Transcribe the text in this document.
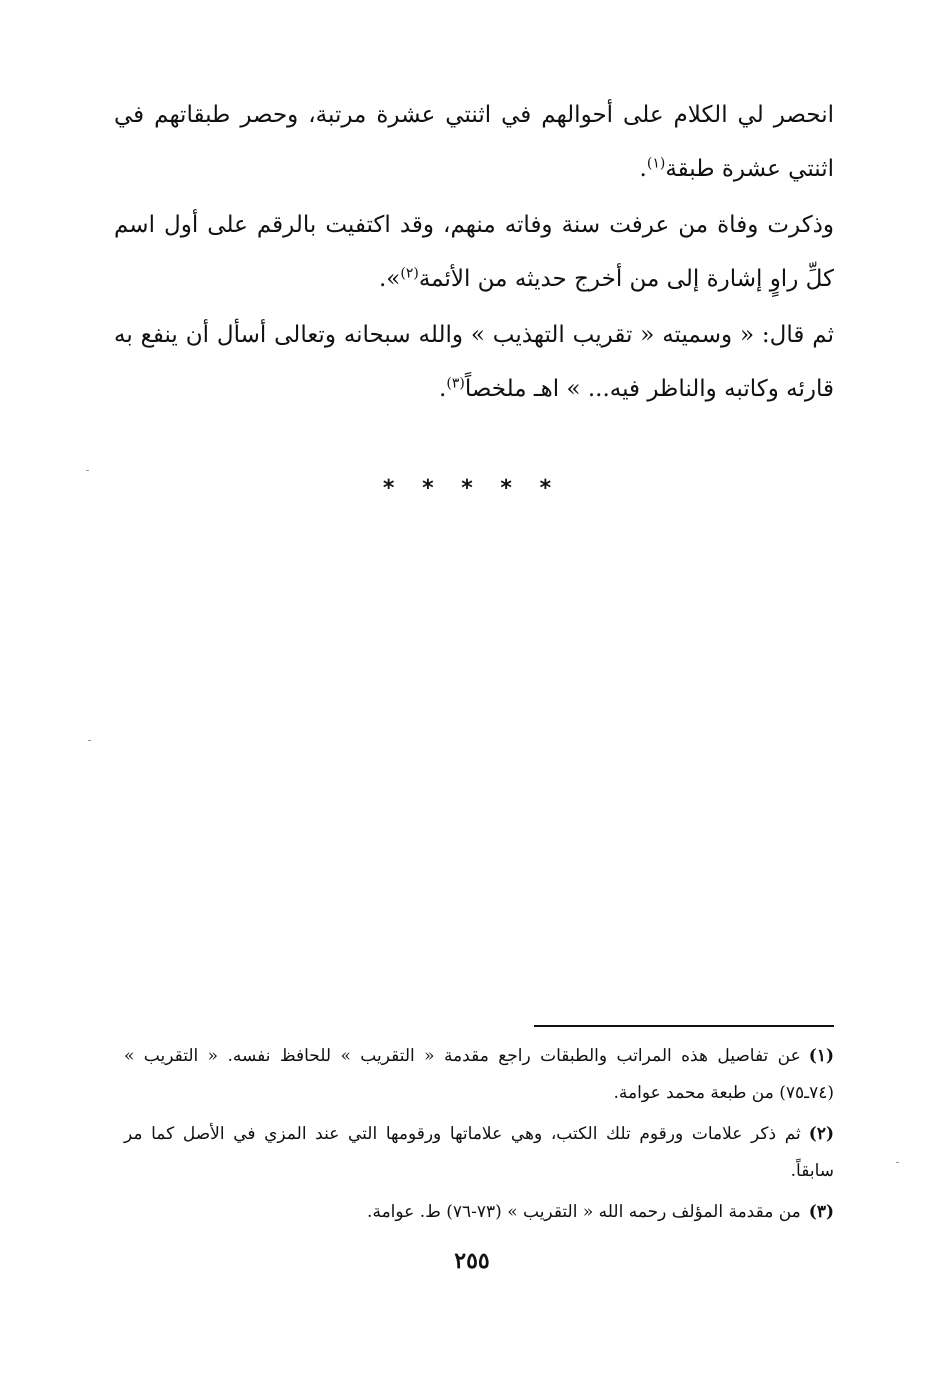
انحصر لي الكلام على أحوالهم في اثنتي عشرة مرتبة، وحصر طبقاتهم في اثنتي عشرة طبقة$^{(١)}$.

وذكرت وفاة من عرفت سنة وفاته منهم، وقد اكتفيت بالرقم على أول اسم كلِّ راوٍ إشارة إلى من أخرج حديثه من الأئمة$^{(٢)}$».

ثم قال: « وسميته « تقريب التهذيب » والله سبحانه وتعالى أسأل أن ينفع به قارئه وكاتبه والناظر فيه... » اهـ ملخصاً$^{(٣)}$.

* * * * *

(١)عن تفاصيل هذه المراتب والطبقات راجع مقدمة « التقريب » للحافظ نفسه. « التقريب » (٧٤ـ٧٥) من طبعة محمد عوامة.

(٢)ثم ذكر علامات ورقوم تلك الكتب، وهي علاماتها ورقومها التي عند المزي في الأصل كما مر سابقاً.

(٣)من مقدمة المؤلف رحمه الله « التقريب » (٧٣-٧٦) ط. عوامة.

٢٥٥
